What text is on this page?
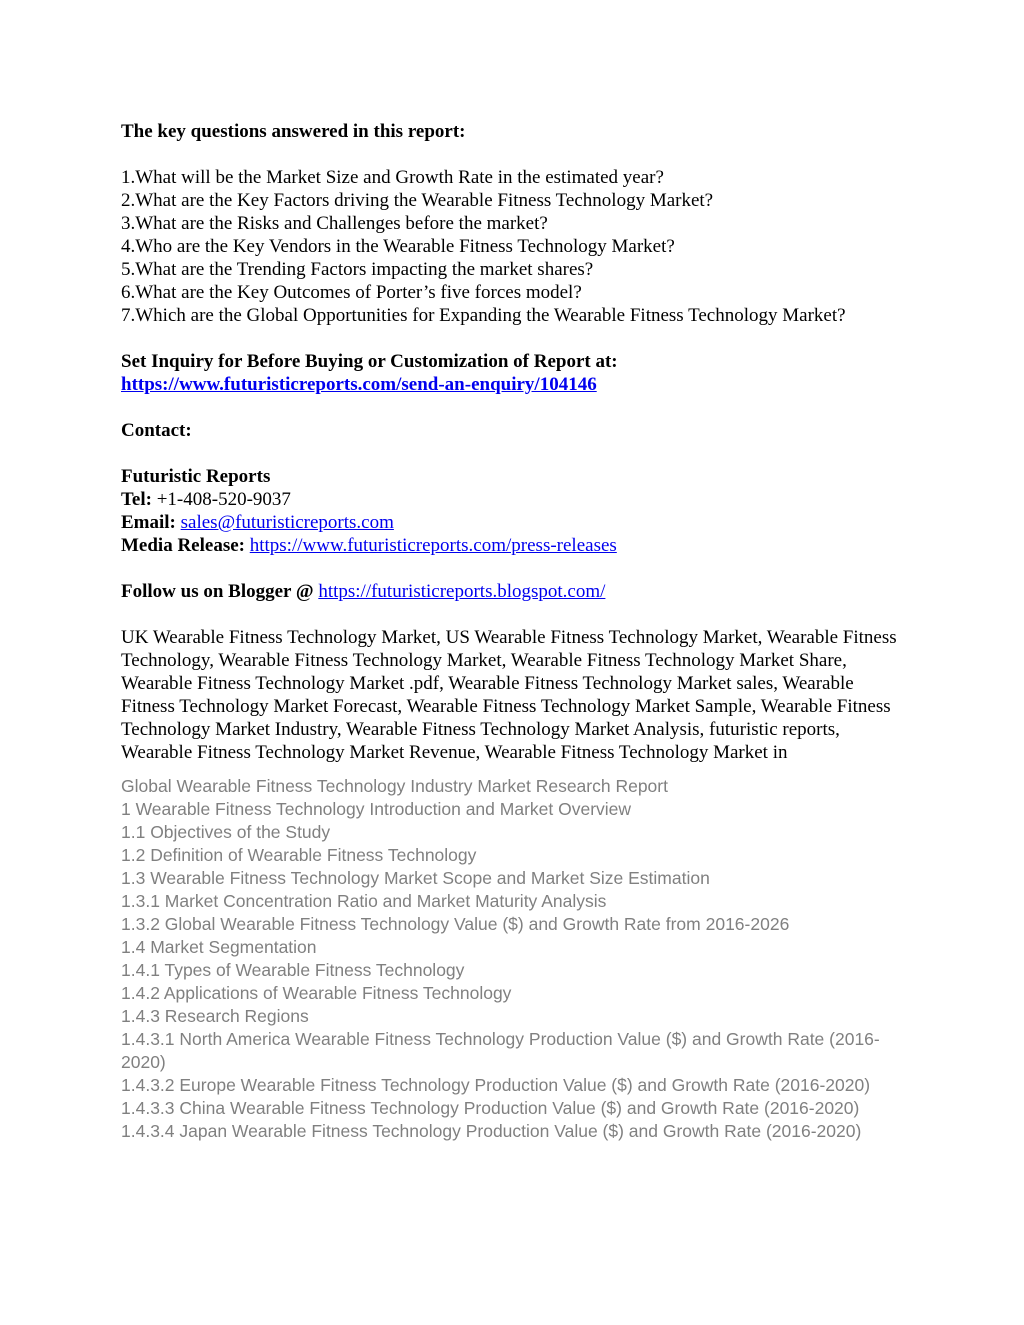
The key questions answered in this report:

1.What will be the Market Size and Growth Rate in the estimated year?

2.What are the Key Factors driving the Wearable Fitness Technology Market?

3.What are the Risks and Challenges before the market?

4.Who are the Key Vendors in the Wearable Fitness Technology Market?

5.What are the Trending Factors impacting the market shares?

6.What are the Key Outcomes of Porter’s five forces model?

7.Which are the Global Opportunities for Expanding the Wearable Fitness Technology Market?

Set Inquiry for Before Buying or Customization of Report at:

https://www.futuristicreports.com/send-an-enquiry/104146

Contact:

Futuristic Reports

Tel: +1-408-520-9037

Email: sales@futuristicreports.com

Media Release: https://www.futuristicreports.com/press-releases

Follow us on Blogger @ https://futuristicreports.blogspot.com/

UK Wearable Fitness Technology Market, US Wearable Fitness Technology Market, Wearable Fitness Technology, Wearable Fitness Technology Market, Wearable Fitness Technology Market Share, Wearable Fitness Technology Market .pdf, Wearable Fitness Technology Market sales, Wearable Fitness Technology Market Forecast, Wearable Fitness Technology Market Sample, Wearable Fitness Technology Market Industry, Wearable Fitness Technology Market Analysis, futuristic reports, Wearable Fitness Technology Market Revenue, Wearable Fitness Technology Market in

Global Wearable Fitness Technology Industry Market Research Report

1 Wearable Fitness Technology Introduction and Market Overview

1.1 Objectives of the Study

1.2 Definition of Wearable Fitness Technology

1.3 Wearable Fitness Technology Market Scope and Market Size Estimation

1.3.1 Market Concentration Ratio and Market Maturity Analysis

1.3.2 Global Wearable Fitness Technology Value ($) and Growth Rate from 2016-2026

1.4 Market Segmentation

1.4.1 Types of Wearable Fitness Technology

1.4.2 Applications of Wearable Fitness Technology

1.4.3 Research Regions

1.4.3.1 North America Wearable Fitness Technology Production Value ($) and Growth Rate (2016-2020)

1.4.3.2 Europe Wearable Fitness Technology Production Value ($) and Growth Rate (2016-2020)

1.4.3.3 China Wearable Fitness Technology Production Value ($) and Growth Rate (2016-2020)

1.4.3.4 Japan Wearable Fitness Technology Production Value ($) and Growth Rate (2016-2020)
